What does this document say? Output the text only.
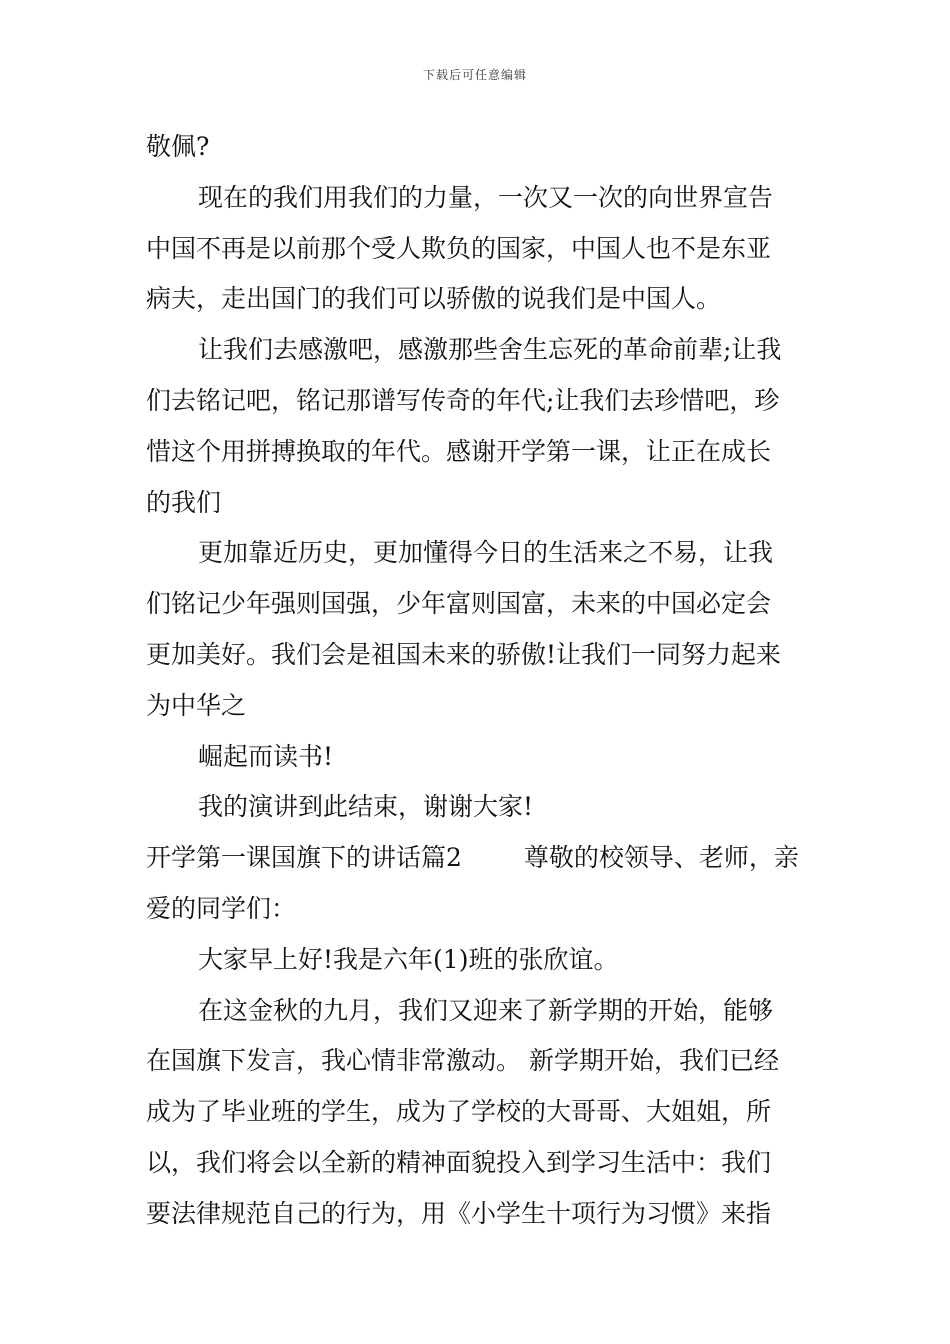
下载后可任意编辑
敬佩?
现在的我们用我们的力量，一次又一次的向世界宣告
中国不再是以前那个受人欺负的国家，中国人也不是东亚
病夫，走出国门的我们可以骄傲的说我们是中国人。
让我们去感激吧，感激那些舍生忘死的革命前辈;让我
们去铭记吧，铭记那谱写传奇的年代;让我们去珍惜吧，珍
惜这个用拼搏换取的年代。感谢开学第一课，让正在成长
的我们
更加靠近历史，更加懂得今日的生活来之不易，让我
们铭记少年强则国强，少年富则国富，未来的中国必定会
更加美好。我们会是祖国未来的骄傲!让我们一同努力起来
为中华之
崛起而读书!
我的演讲到此结束，谢谢大家!
开学第一课国旗下的讲话篇2 尊敬的校领导、老师，亲
爱的同学们：
大家早上好!我是六年(1)班的张欣谊。
在这金秋的九月，我们又迎来了新学期的开始，能够
在国旗下发言，我心情非常激动。 新学期开始，我们已经
成为了毕业班的学生，成为了学校的大哥哥、大姐姐，所
以，我们将会以全新的精神面貌投入到学习生活中：我们
要法律规范自己的行为，用《小学生十项行为习惯》来指
